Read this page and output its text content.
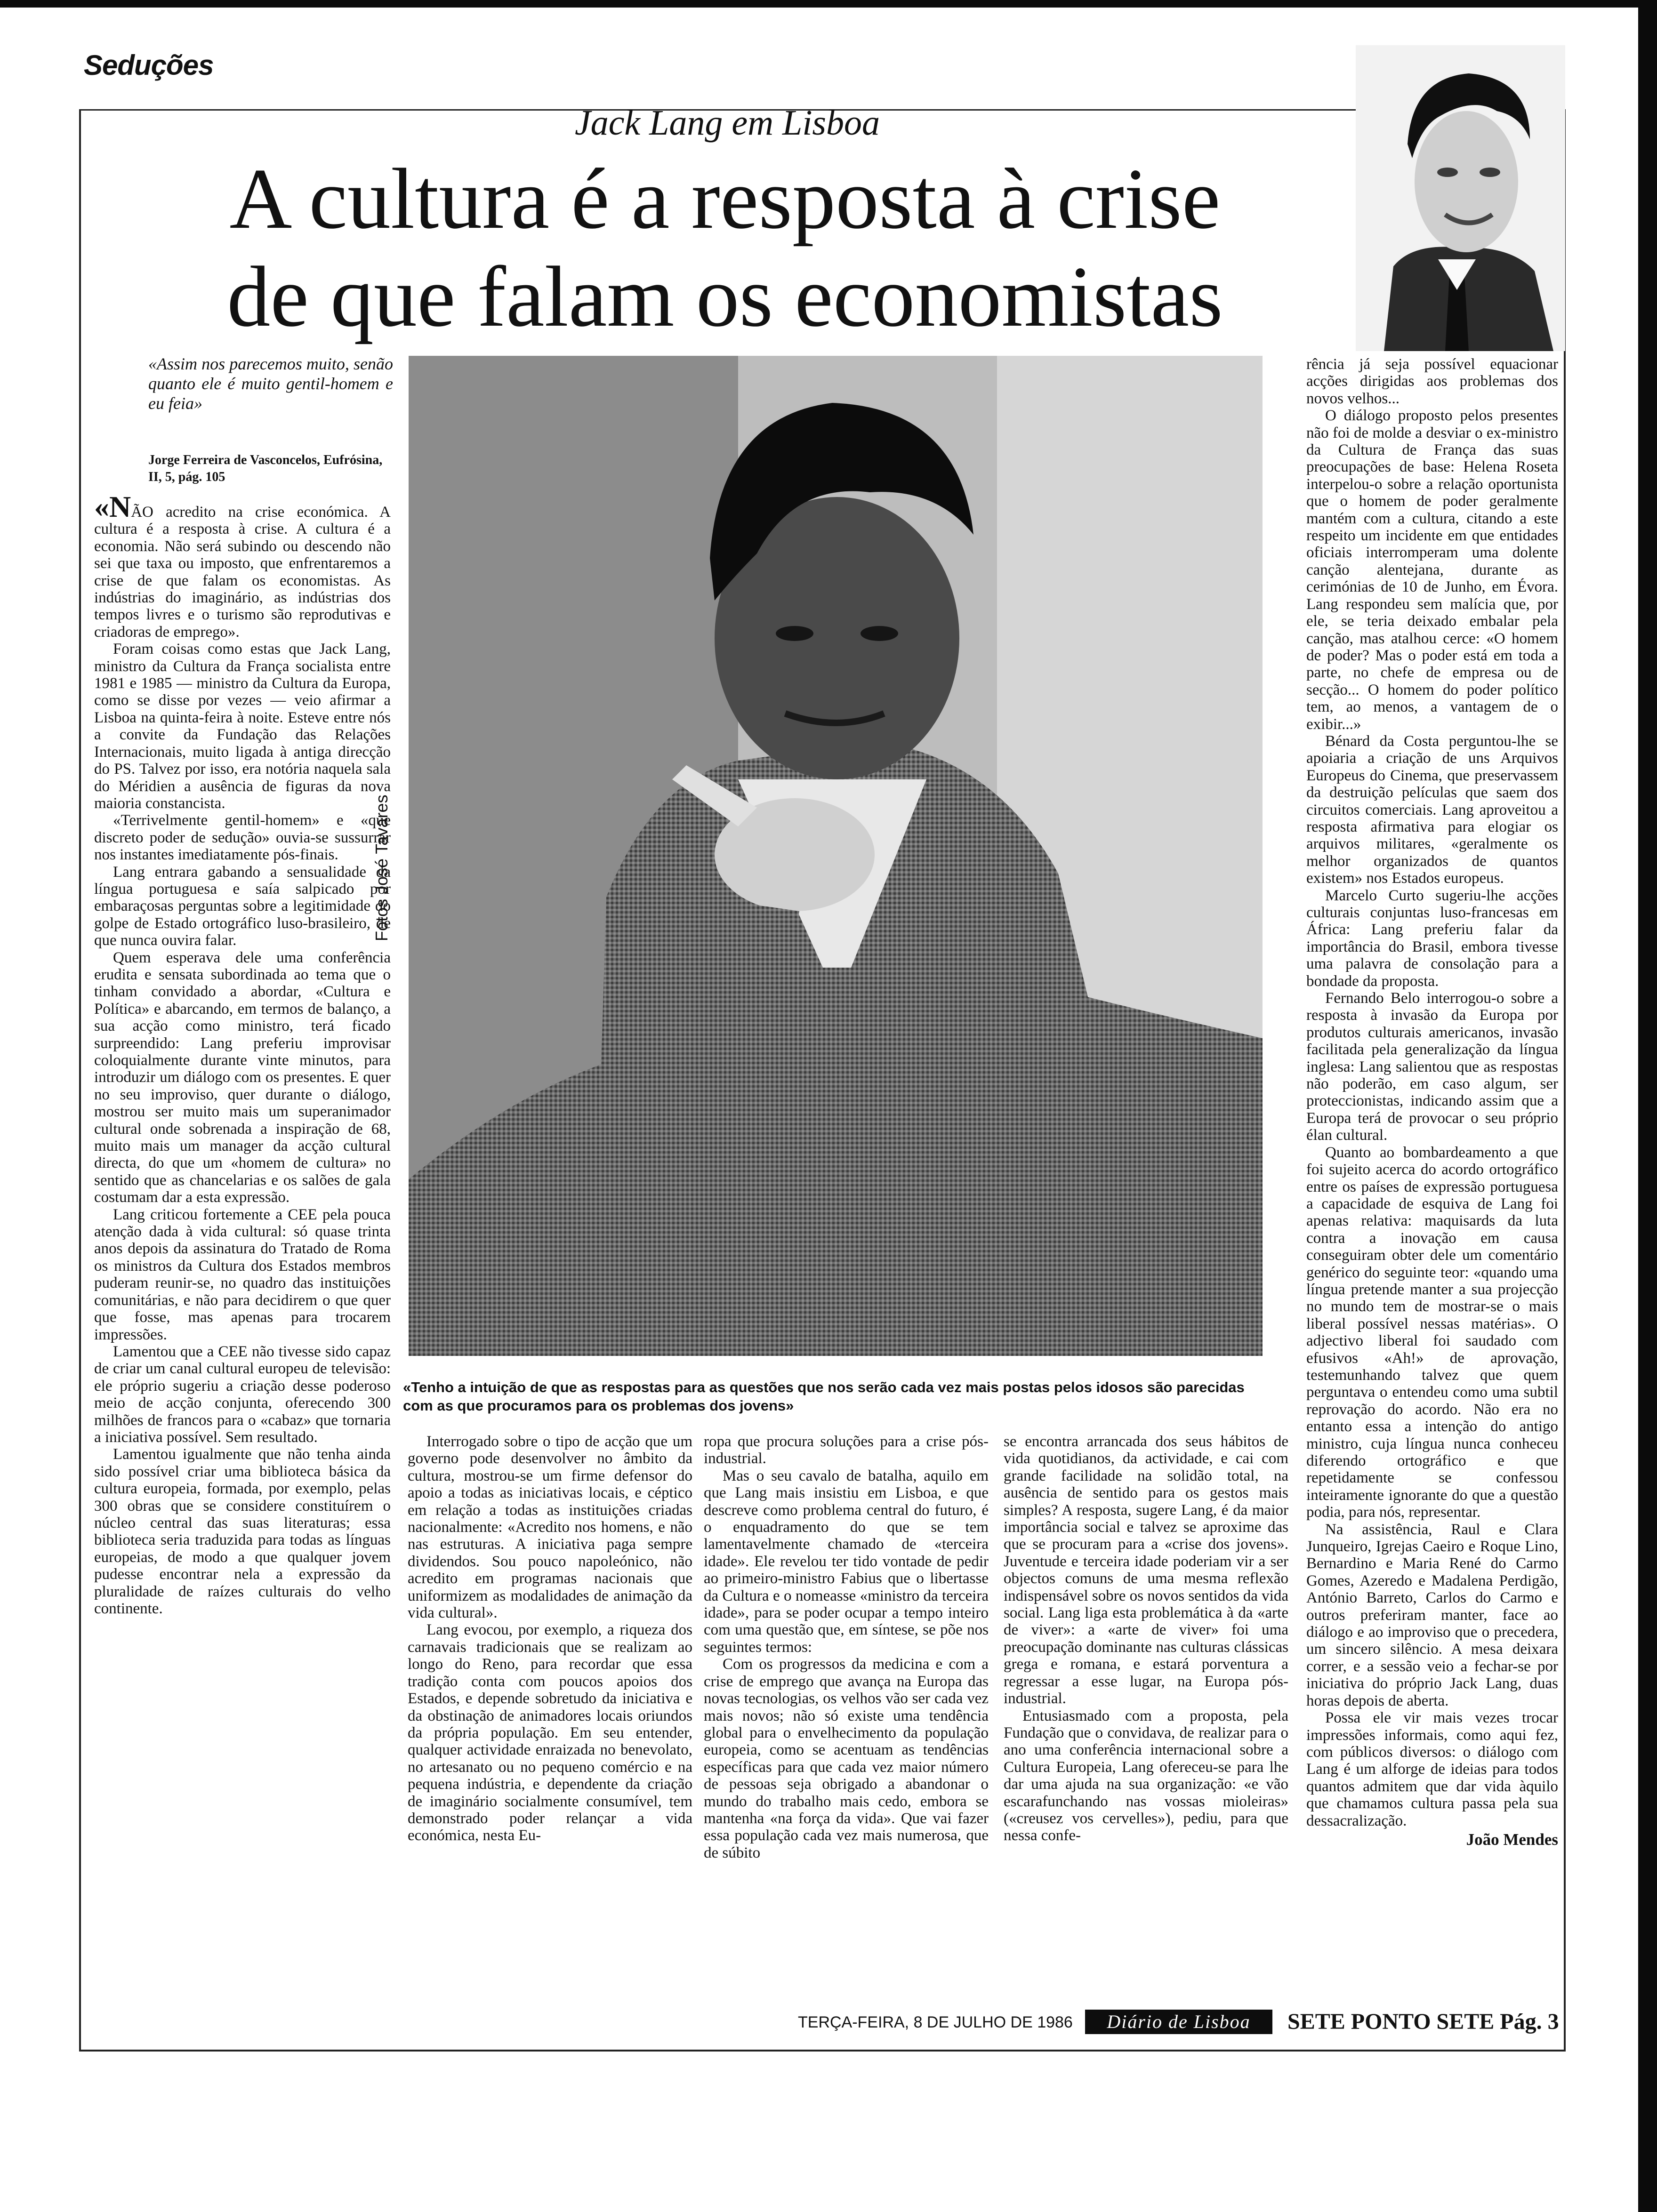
Seduções
Jack Lang em Lisboa
A cultura é a resposta à crise
de que falam os economistas
Fotos José Tavares
«Tenho a intuição de que as respostas para as questões que nos serão cada vez mais postas pelos idosos são parecidas com as que procuramos para os problemas dos jovens»
«Assim nos parecemos muito, senão quanto ele é muito gentil-homem e eu feia»
Jorge Ferreira de Vasconcelos, Eufrósina, II, 5, pág. 105

«NÃO acredito na crise económica. A cultura é a resposta à crise. A cultura é a economia. Não será subindo ou descendo não sei que taxa ou imposto, que enfrentaremos a crise de que falam os economistas. As indústrias do imaginário, as indústrias dos tempos livres e o turismo são reprodutivas e criadoras de emprego».

Foram coisas como estas que Jack Lang, ministro da Cultura da França socialista entre 1981 e 1985 — ministro da Cultura da Europa, como se disse por vezes — veio afirmar a Lisboa na quinta-feira à noite. Esteve entre nós a convite da Fundação das Relações Internacionais, muito ligada à antiga direcção do PS. Talvez por isso, era notória naquela sala do Méridien a ausência de figuras da nova maioria constancista.

«Terrivelmente gentil-homem» e «que discreto poder de sedução» ouvia-se sussurrar nos instantes imediatamente pós-finais.

Lang entrara gabando a sensualidade da língua portuguesa e saía salpicado por embaraçosas perguntas sobre a legitimidade do golpe de Estado ortográfico luso-brasileiro, de que nunca ouvira falar.

Quem esperava dele uma conferência erudita e sensata subordinada ao tema que o tinham convidado a abordar, «Cultura e Política» e abarcando, em termos de balanço, a sua acção como ministro, terá ficado surpreendido: Lang preferiu improvisar coloquialmente durante vinte minutos, para introduzir um diálogo com os presentes. E quer no seu improviso, quer durante o diálogo, mostrou ser muito mais um superanimador cultural onde sobrenada a inspiração de 68, muito mais um manager da acção cultural directa, do que um «homem de cultura» no sentido que as chancelarias e os salões de gala costumam dar a esta expressão.

Lang criticou fortemente a CEE pela pouca atenção dada à vida cultural: só quase trinta anos depois da assinatura do Tratado de Roma os ministros da Cultura dos Estados membros puderam reunir-se, no quadro das instituições comunitárias, e não para decidirem o que quer que fosse, mas apenas para trocarem impressões.

Lamentou que a CEE não tivesse sido capaz de criar um canal cultural europeu de televisão: ele próprio sugeriu a criação desse poderoso meio de acção conjunta, oferecendo 300 milhões de francos para o «cabaz» que tornaria a iniciativa possível. Sem resultado.

Lamentou igualmente que não tenha ainda sido possível criar uma biblioteca básica da cultura europeia, formada, por exemplo, pelas 300 obras que se considere constituírem o núcleo central das suas literaturas; essa biblioteca seria traduzida para todas as línguas europeias, de modo a que qualquer jovem pudesse encontrar nela a expressão da pluralidade de raízes culturais do velho continente.

Interrogado sobre o tipo de acção que um governo pode desenvolver no âmbito da cultura, mostrou-se um firme defensor do apoio a todas as iniciativas locais, e céptico em relação a todas as instituições criadas nacionalmente: «Acredito nos homens, e não nas estruturas. A iniciativa paga sempre dividendos. Sou pouco napoleónico, não acredito em programas nacionais que uniformizem as modalidades de animação da vida cultural».

Lang evocou, por exemplo, a riqueza dos carnavais tradicionais que se realizam ao longo do Reno, para recordar que essa tradição conta com poucos apoios dos Estados, e depende sobretudo da iniciativa e da obstinação de animadores locais oriundos da própria população. Em seu entender, qualquer actividade enraizada no benevolato, no artesanato ou no pequeno comércio e na pequena indústria, e dependente da criação de imaginário socialmente consumível, tem demonstrado poder relançar a vida económica, nesta Eu-

ropa que procura soluções para a crise pós-industrial.

Mas o seu cavalo de batalha, aquilo em que Lang mais insistiu em Lisboa, e que descreve como problema central do futuro, é o enquadramento do que se tem lamentavelmente chamado de «terceira idade». Ele revelou ter tido vontade de pedir ao primeiro-ministro Fabius que o libertasse da Cultura e o nomeasse «ministro da terceira idade», para se poder ocupar a tempo inteiro com uma questão que, em síntese, se põe nos seguintes termos:

Com os progressos da medicina e com a crise de emprego que avança na Europa das novas tecnologias, os velhos vão ser cada vez mais novos; não só existe uma tendência global para o envelhecimento da população europeia, como se acentuam as tendências específicas para que cada vez maior número de pessoas seja obrigado a abandonar o mundo do trabalho mais cedo, embora se mantenha «na força da vida». Que vai fazer essa população cada vez mais numerosa, que de súbito

se encontra arrancada dos seus hábitos de vida quotidianos, da actividade, e cai com grande facilidade na solidão total, na ausência de sentido para os gestos mais simples? A resposta, sugere Lang, é da maior importância social e talvez se aproxime das que se procuram para a «crise dos jovens». Juventude e terceira idade poderiam vir a ser objectos comuns de uma mesma reflexão indispensável sobre os novos sentidos da vida social. Lang liga esta problemática à da «arte de viver»: a «arte de viver» foi uma preocupação dominante nas culturas clássicas grega e romana, e estará porventura a regressar a esse lugar, na Europa pós-industrial.

Entusiasmado com a proposta, pela Fundação que o convidava, de realizar para o ano uma conferência internacional sobre a Cultura Europeia, Lang ofereceu-se para lhe dar uma ajuda na sua organização: «e vão escarafunchando nas vossas mioleiras» («creusez vos cervelles»), pediu, para que nessa confe-

rência já seja possível equacionar acções dirigidas aos problemas dos novos velhos...

O diálogo proposto pelos presentes não foi de molde a desviar o ex-ministro da Cultura de França das suas preocupações de base: Helena Roseta interpelou-o sobre a relação oportunista que o homem de poder geralmente mantém com a cultura, citando a este respeito um incidente em que entidades oficiais interromperam uma dolente canção alentejana, durante as cerimónias de 10 de Junho, em Évora. Lang respondeu sem malícia que, por ele, se teria deixado embalar pela canção, mas atalhou cerce: «O homem de poder? Mas o poder está em toda a parte, no chefe de empresa ou de secção... O homem do poder político tem, ao menos, a vantagem de o exibir...»

Bénard da Costa perguntou-lhe se apoiaria a criação de uns Arquivos Europeus do Cinema, que preservassem da destruição películas que saem dos circuitos comerciais. Lang aproveitou a resposta afirmativa para elogiar os arquivos militares, «geralmente os melhor organizados de quantos existem» nos Estados europeus.

Marcelo Curto sugeriu-lhe acções culturais conjuntas luso-francesas em África: Lang preferiu falar da importância do Brasil, embora tivesse uma palavra de consolação para a bondade da proposta.

Fernando Belo interrogou-o sobre a resposta à invasão da Europa por produtos culturais americanos, invasão facilitada pela generalização da língua inglesa: Lang salientou que as respostas não poderão, em caso algum, ser proteccionistas, indicando assim que a Europa terá de provocar o seu próprio élan cultural.

Quanto ao bombardeamento a que foi sujeito acerca do acordo ortográfico entre os países de expressão portuguesa a capacidade de esquiva de Lang foi apenas relativa: maquisards da luta contra a inovação em causa conseguiram obter dele um comentário genérico do seguinte teor: «quando uma língua pretende manter a sua projecção no mundo tem de mostrar-se o mais liberal possível nessas matérias». O adjectivo liberal foi saudado com efusivos «Ah!» de aprovação, testemunhando talvez que quem perguntava o entendeu como uma subtil reprovação do acordo. Não era no entanto essa a intenção do antigo ministro, cuja língua nunca conheceu diferendo ortográfico e que repetidamente se confessou inteiramente ignorante do que a questão podia, para nós, representar.

Na assistência, Raul e Clara Junqueiro, Igrejas Caeiro e Roque Lino, Bernardino e Maria René do Carmo Gomes, Azeredo e Madalena Perdigão, António Barreto, Carlos do Carmo e outros preferiram manter, face ao diálogo e ao improviso que o precedera, um sincero silêncio. A mesa deixara correr, e a sessão veio a fechar-se por iniciativa do próprio Jack Lang, duas horas depois de aberta.

Possa ele vir mais vezes trocar impressões informais, como aqui fez, com públicos diversos: o diálogo com Lang é um alforge de ideias para todos quantos admitem que dar vida àquilo que chamamos cultura passa pela sua dessacralização.

João Mendes
TERÇA-FEIRA, 8 DE JULHO DE 1986	Diário de Lisboa	SETE PONTO SETE Pág. 3
